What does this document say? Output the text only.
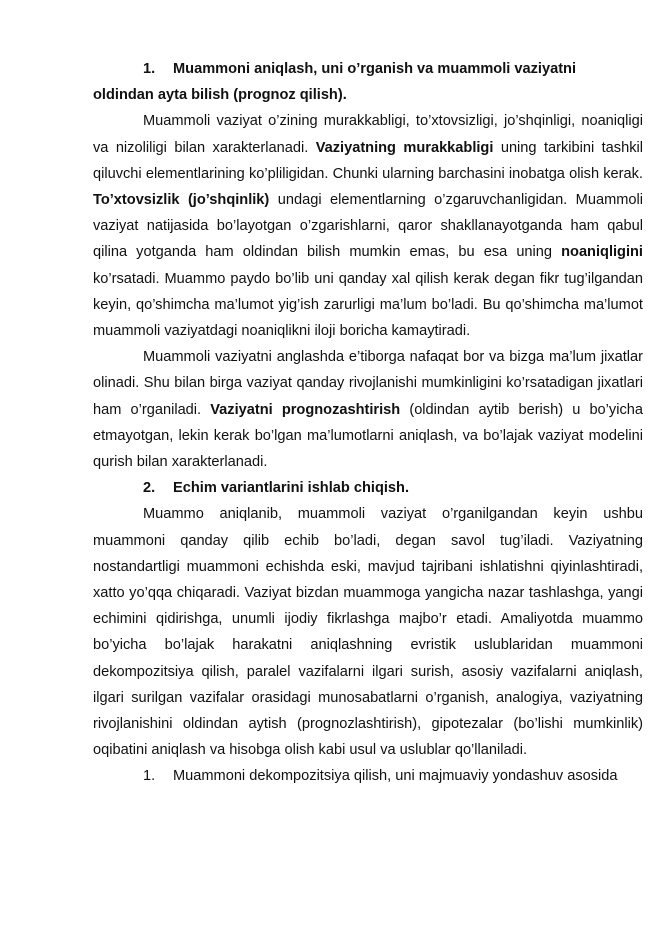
1. Muammoni aniqlash, uni o’rganish va muammoli vaziyatni
oldindan ayta bilish (prognoz qilish).

Muammoli vaziyat o’zining murakkabligi, to’xtovsizligi, jo’shqinligi, noaniqligi va nizoliligi bilan xarakterlanadi. Vaziyatning murakkabligi uning tarkibini tashkil qiluvchi elementlarining ko’pliligidan. Chunki ularning barchasini inobatga olish kerak. To’xtovsizlik (jo’shqinlik) undagi elementlarning o’zgaruvchanligidan. Muammoli vaziyat natijasida bo’layotgan o’zgarishlarni, qaror shakllanayotganda ham qabul qilina yotganda ham oldindan bilish mumkin emas, bu esa uning noaniqligini ko’rsatadi. Muammo paydo bo’lib uni qanday xal qilish kerak degan fikr tug’ilgandan keyin, qo’shimcha ma’lumot yig’ish zarurligi ma’lum bo’ladi. Bu qo’shimcha ma’lumot muammoli vaziyatdagi noaniqlikni iloji boricha kamaytiradi.

Muammoli vaziyatni anglashda e’tiborga nafaqat bor va bizga ma’lum jixatlar olinadi. Shu bilan birga vaziyat qanday rivojlanishi mumkinligini ko’rsatadigan jixatlari ham o’rganiladi. Vaziyatni prognozashtirish (oldindan aytib berish) u bo’yicha etmayotgan, lekin kerak bo’lgan ma’lumotlarni aniqlash, va bo’lajak vaziyat modelini qurish bilan xarakterlanadi.

2. Echim variantlarini ishlab chiqish.

Muammo aniqlanib, muammoli vaziyat o’rganilgandan keyin ushbu muammoni qanday qilib echib bo’ladi, degan savol tug’iladi. Vaziyatning nostandartligi muammoni echishda eski, mavjud tajribani ishlatishni qiyinlashtiradi, xatto yo’qqa chiqaradi. Vaziyat bizdan muammoga yangicha nazar tashlashga, yangi echimini qidirishga, unumli ijodiy fikrlashga majbo’r etadi. Amaliyotda muammo bo’yicha bo’lajak harakatni aniqlashning evristik uslublaridan muammoni dekompozitsiya qilish, paralel vazifalarni ilgari surish, asosiy vazifalarni aniqlash, ilgari surilgan vazifalar orasidagi munosabatlarni o’rganish, analogiya, vaziyatning rivojlanishini oldindan aytish (prognozlashtirish), gipotezalar (bo’lishi mumkinlik) oqibatini aniqlash va hisobga olish kabi usul va uslublar qo’llaniladi.

1. Muammoni dekompozitsiya qilish, uni majmuaviy yondashuv asosida
